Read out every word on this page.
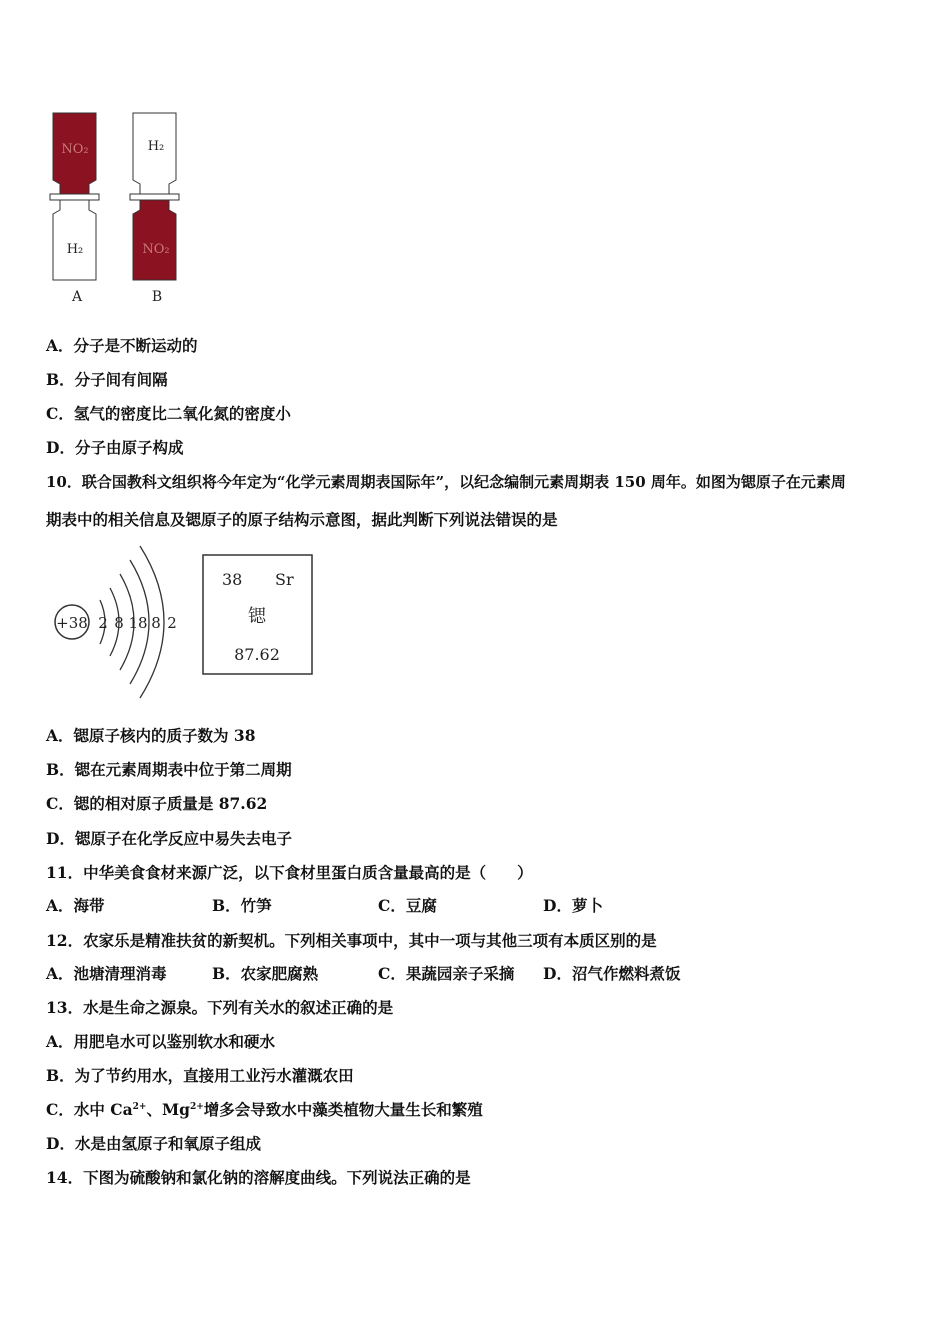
NO₂
H₂
A
H₂
NO₂
B
A．分子是不断运动的
B．分子间有间隔
C．氢气的密度比二氧化氮的密度小
D．分子由原子构成
10．联合国教科文组织将今年定为“化学元素周期表国际年”，以纪念编制元素周期表 150 周年。如图为锶原子在元素周
期表中的相关信息及锶原子的原子结构示意图，据此判断下列说法错误的是
+38 2 8 18 8 2
38 Sr
锶
87.62
A．锶原子核内的质子数为 38
B．锶在元素周期表中位于第二周期
C．锶的相对原子质量是 87.62
D．锶原子在化学反应中易失去电子
11．中华美食食材来源广泛，以下食材里蛋白质含量最高的是（　　）
A．海带	B．竹笋	C．豆腐	D．萝卜
12．农家乐是精准扶贫的新契机。下列相关事项中，其中一项与其他三项有本质区别的是
A．池塘清理消毒	B．农家肥腐熟	C．果蔬园亲子采摘 D．沼气作燃料煮饭
13．水是生命之源泉。下列有关水的叙述正确的是
A．用肥皂水可以鉴别软水和硬水
B．为了节约用水，直接用工业污水灌溉农田
C．水中 $Ca^{2+}$、$Mg^{2+}$增多会导致水中藻类植物大量生长和繁殖
D．水是由氢原子和氧原子组成
14．下图为硫酸钠和氯化钠的溶解度曲线。下列说法正确的是
